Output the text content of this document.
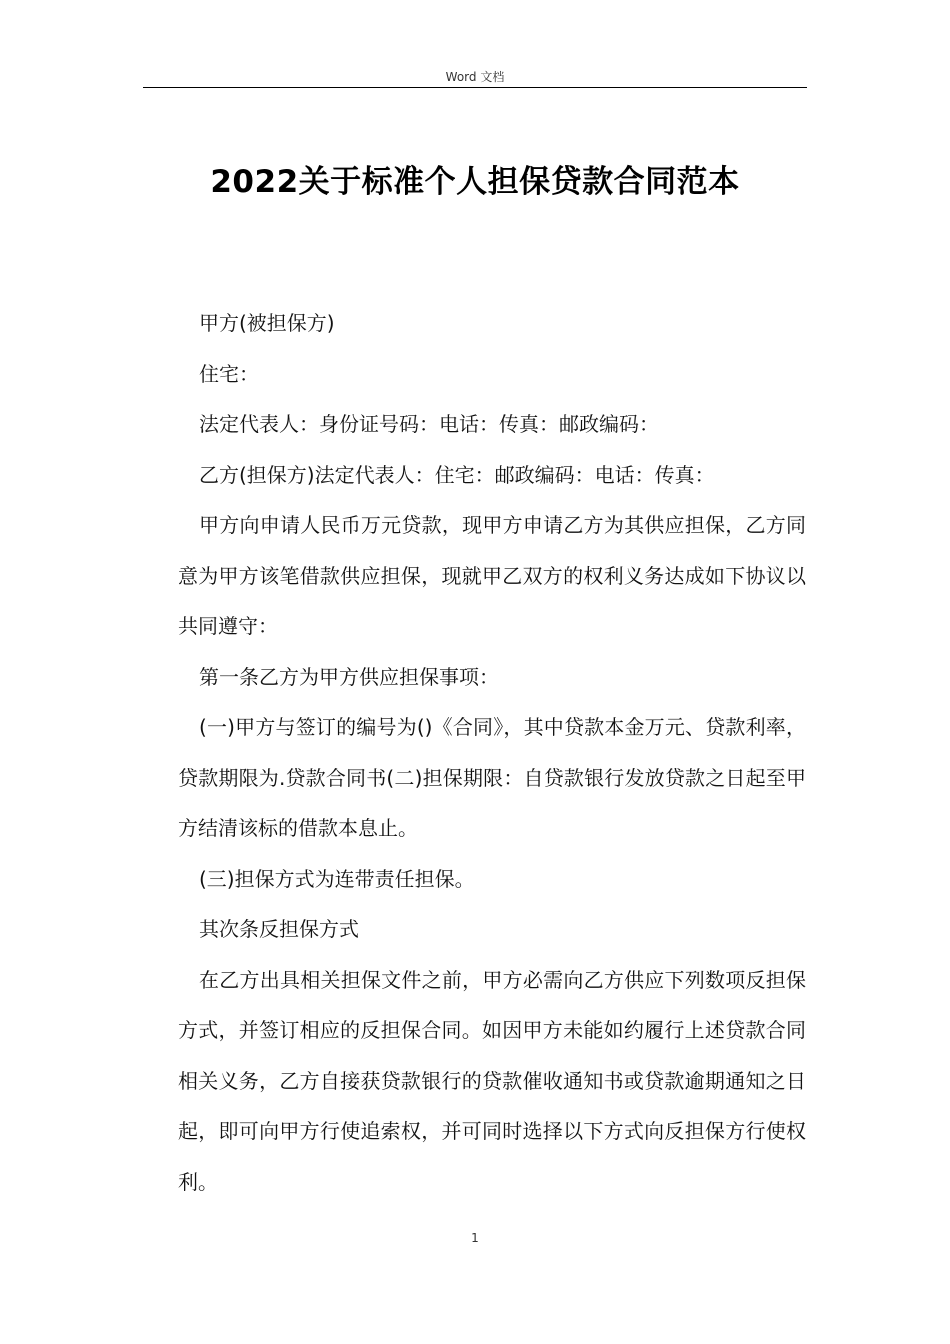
Word 文档
2022关于标准个人担保贷款合同范本

甲方(被担保方)

住宅：

法定代表人：身份证号码：电话：传真：邮政编码：

乙方(担保方)法定代表人：住宅：邮政编码：电话：传真：

甲方向申请人民币万元贷款，现甲方申请乙方为其供应担保，乙方同意为甲方该笔借款供应担保，现就甲乙双方的权利义务达成如下协议以共同遵守：

第一条乙方为甲方供应担保事项：

(一)甲方与签订的编号为()《合同》，其中贷款本金万元、贷款利率，贷款期限为.贷款合同书(二)担保期限：自贷款银行发放贷款之日起至甲方结清该标的借款本息止。

(三)担保方式为连带责任担保。

其次条反担保方式

在乙方出具相关担保文件之前，甲方必需向乙方供应下列数项反担保方式，并签订相应的反担保合同。如因甲方未能如约履行上述贷款合同相关义务，乙方自接获贷款银行的贷款催收通知书或贷款逾期通知之日起，即可向甲方行使追索权，并可同时选择以下方式向反担保方行使权利。

1
